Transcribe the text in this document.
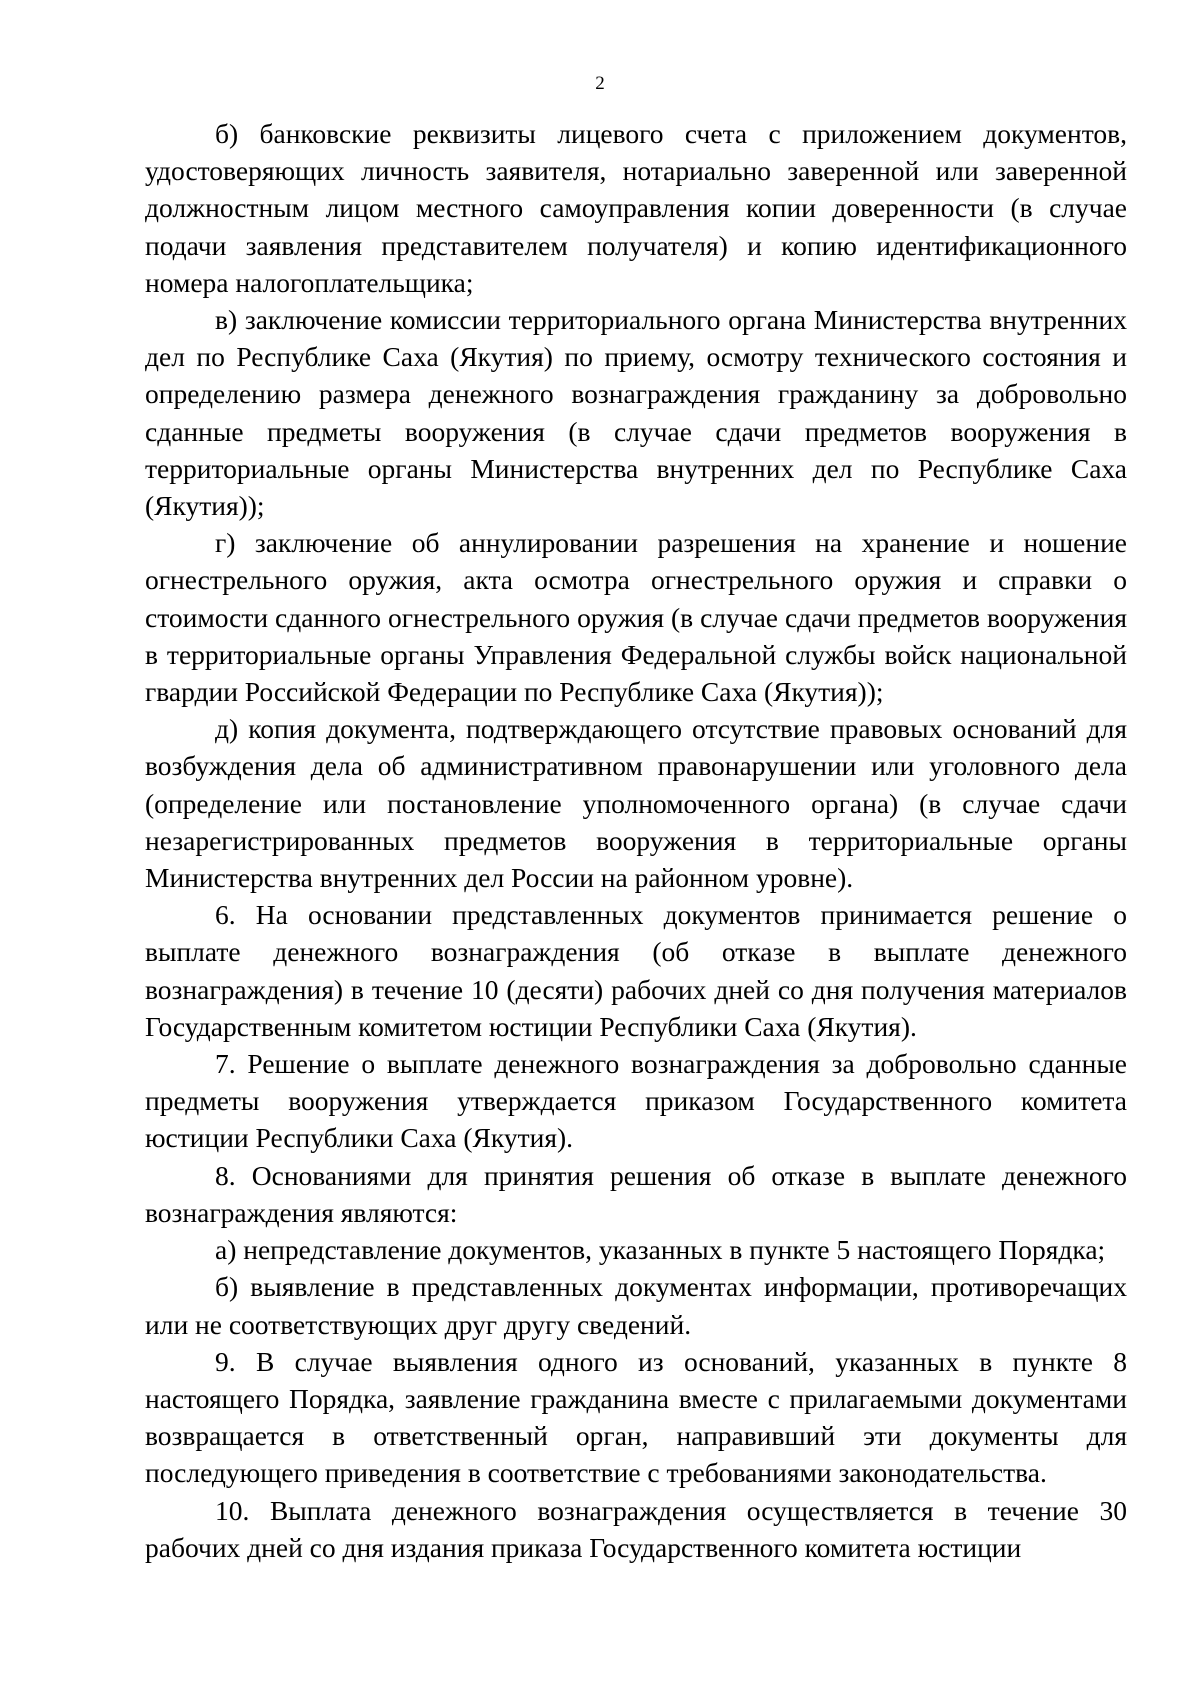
2

б) банковские реквизиты лицевого счета с приложением документов, удостоверяющих личность заявителя, нотариально заверенной или заверенной должностным лицом местного самоуправления копии доверенности (в случае подачи заявления представителем получателя) и копию идентификационного номера налогоплательщика;

в) заключение комиссии территориального органа Министерства внутренних дел по Республике Саха (Якутия) по приему, осмотру технического состояния и определению размера денежного вознаграждения гражданину за добровольно сданные предметы вооружения (в случае сдачи предметов вооружения в территориальные органы Министерства внутренних дел по Республике Саха (Якутия));

г) заключение об аннулировании разрешения на хранение и ношение огнестрельного оружия, акта осмотра огнестрельного оружия и справки о стоимости сданного огнестрельного оружия (в случае сдачи предметов вооружения в территориальные органы Управления Федеральной службы войск национальной гвардии Российской Федерации по Республике Саха (Якутия));

д) копия документа, подтверждающего отсутствие правовых оснований для возбуждения дела об административном правонарушении или уголовного дела (определение или постановление уполномоченного органа) (в случае сдачи незарегистрированных предметов вооружения в территориальные органы Министерства внутренних дел России на районном уровне).

6. На основании представленных документов принимается решение о выплате денежного вознаграждения (об отказе в выплате денежного вознаграждения) в течение 10 (десяти) рабочих дней со дня получения материалов Государственным комитетом юстиции Республики Саха (Якутия).

7. Решение о выплате денежного вознаграждения за добровольно сданные предметы вооружения утверждается приказом Государственного комитета юстиции Республики Саха (Якутия).

8. Основаниями для принятия решения об отказе в выплате денежного вознаграждения являются:

а) непредставление документов, указанных в пункте 5 настоящего Порядка;

б) выявление в представленных документах информации, противоречащих или не соответствующих друг другу сведений.

9. В случае выявления одного из оснований, указанных в пункте 8 настоящего Порядка, заявление гражданина вместе с прилагаемыми документами возвращается в ответственный орган, направивший эти документы для последующего приведения в соответствие с требованиями законодательства.

10. Выплата денежного вознаграждения осуществляется в течение 30 рабочих дней со дня издания приказа Государственного комитета юстиции
